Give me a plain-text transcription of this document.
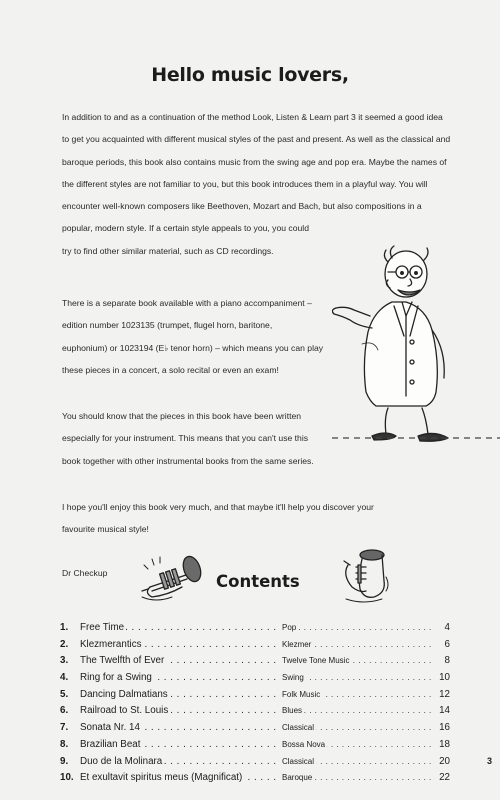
Hello music lovers,
In addition to and as a continuation of the method Look, Listen & Learn part 3 it seemed a good idea
to get you acquainted with different musical styles of the past and present. As well as the classical and
baroque periods, this book also contains music from the swing age and pop era. Maybe the names of
the different styles are not familiar to you, but this book introduces them in a playful way. You will
encounter well-known composers like Beethoven, Mozart and Bach, but also compositions in a
popular, modern style. If a certain style appeals to you, you could
try to find other similar material, such as CD recordings.
There is a separate book available with a piano accompaniment –
edition number 1023135 (trumpet, flugel horn, baritone,
euphonium) or 1023194 (E♭ tenor horn) – which means you can play
these pieces in a concert, a solo recital or even an exam!
You should know that the pieces in this book have been written
especially for your instrument. This means that you can't use this
book together with other instrumental books from the same series.
I hope you'll enjoy this book very much, and that maybe it'll help you discover your
favourite musical style!
Dr Checkup	Contents
1.	Free Time . . .	Pop . . .	4
2.	Klezmerantics . . .	Klezmer . . .	6
3.	The Twelfth of Ever . . .	Twelve Tone Music . . .	8
4.	Ring for a Swing . . .	Swing . . .	10
5.	Dancing Dalmatians . . .	Folk Music . . .	12
6.	Railroad to St. Louis . . .	Blues . . .	14
7.	Sonata Nr. 14 . . .	Classical . . .	16
8.	Brazilian Beat . . .	Bossa Nova . . .	18
9.	Duo de la Molinara . . .	Classical . . .	20
10. Et exultavit spiritus meus (Magnificat) . . .	Baroque . . .	22
3
